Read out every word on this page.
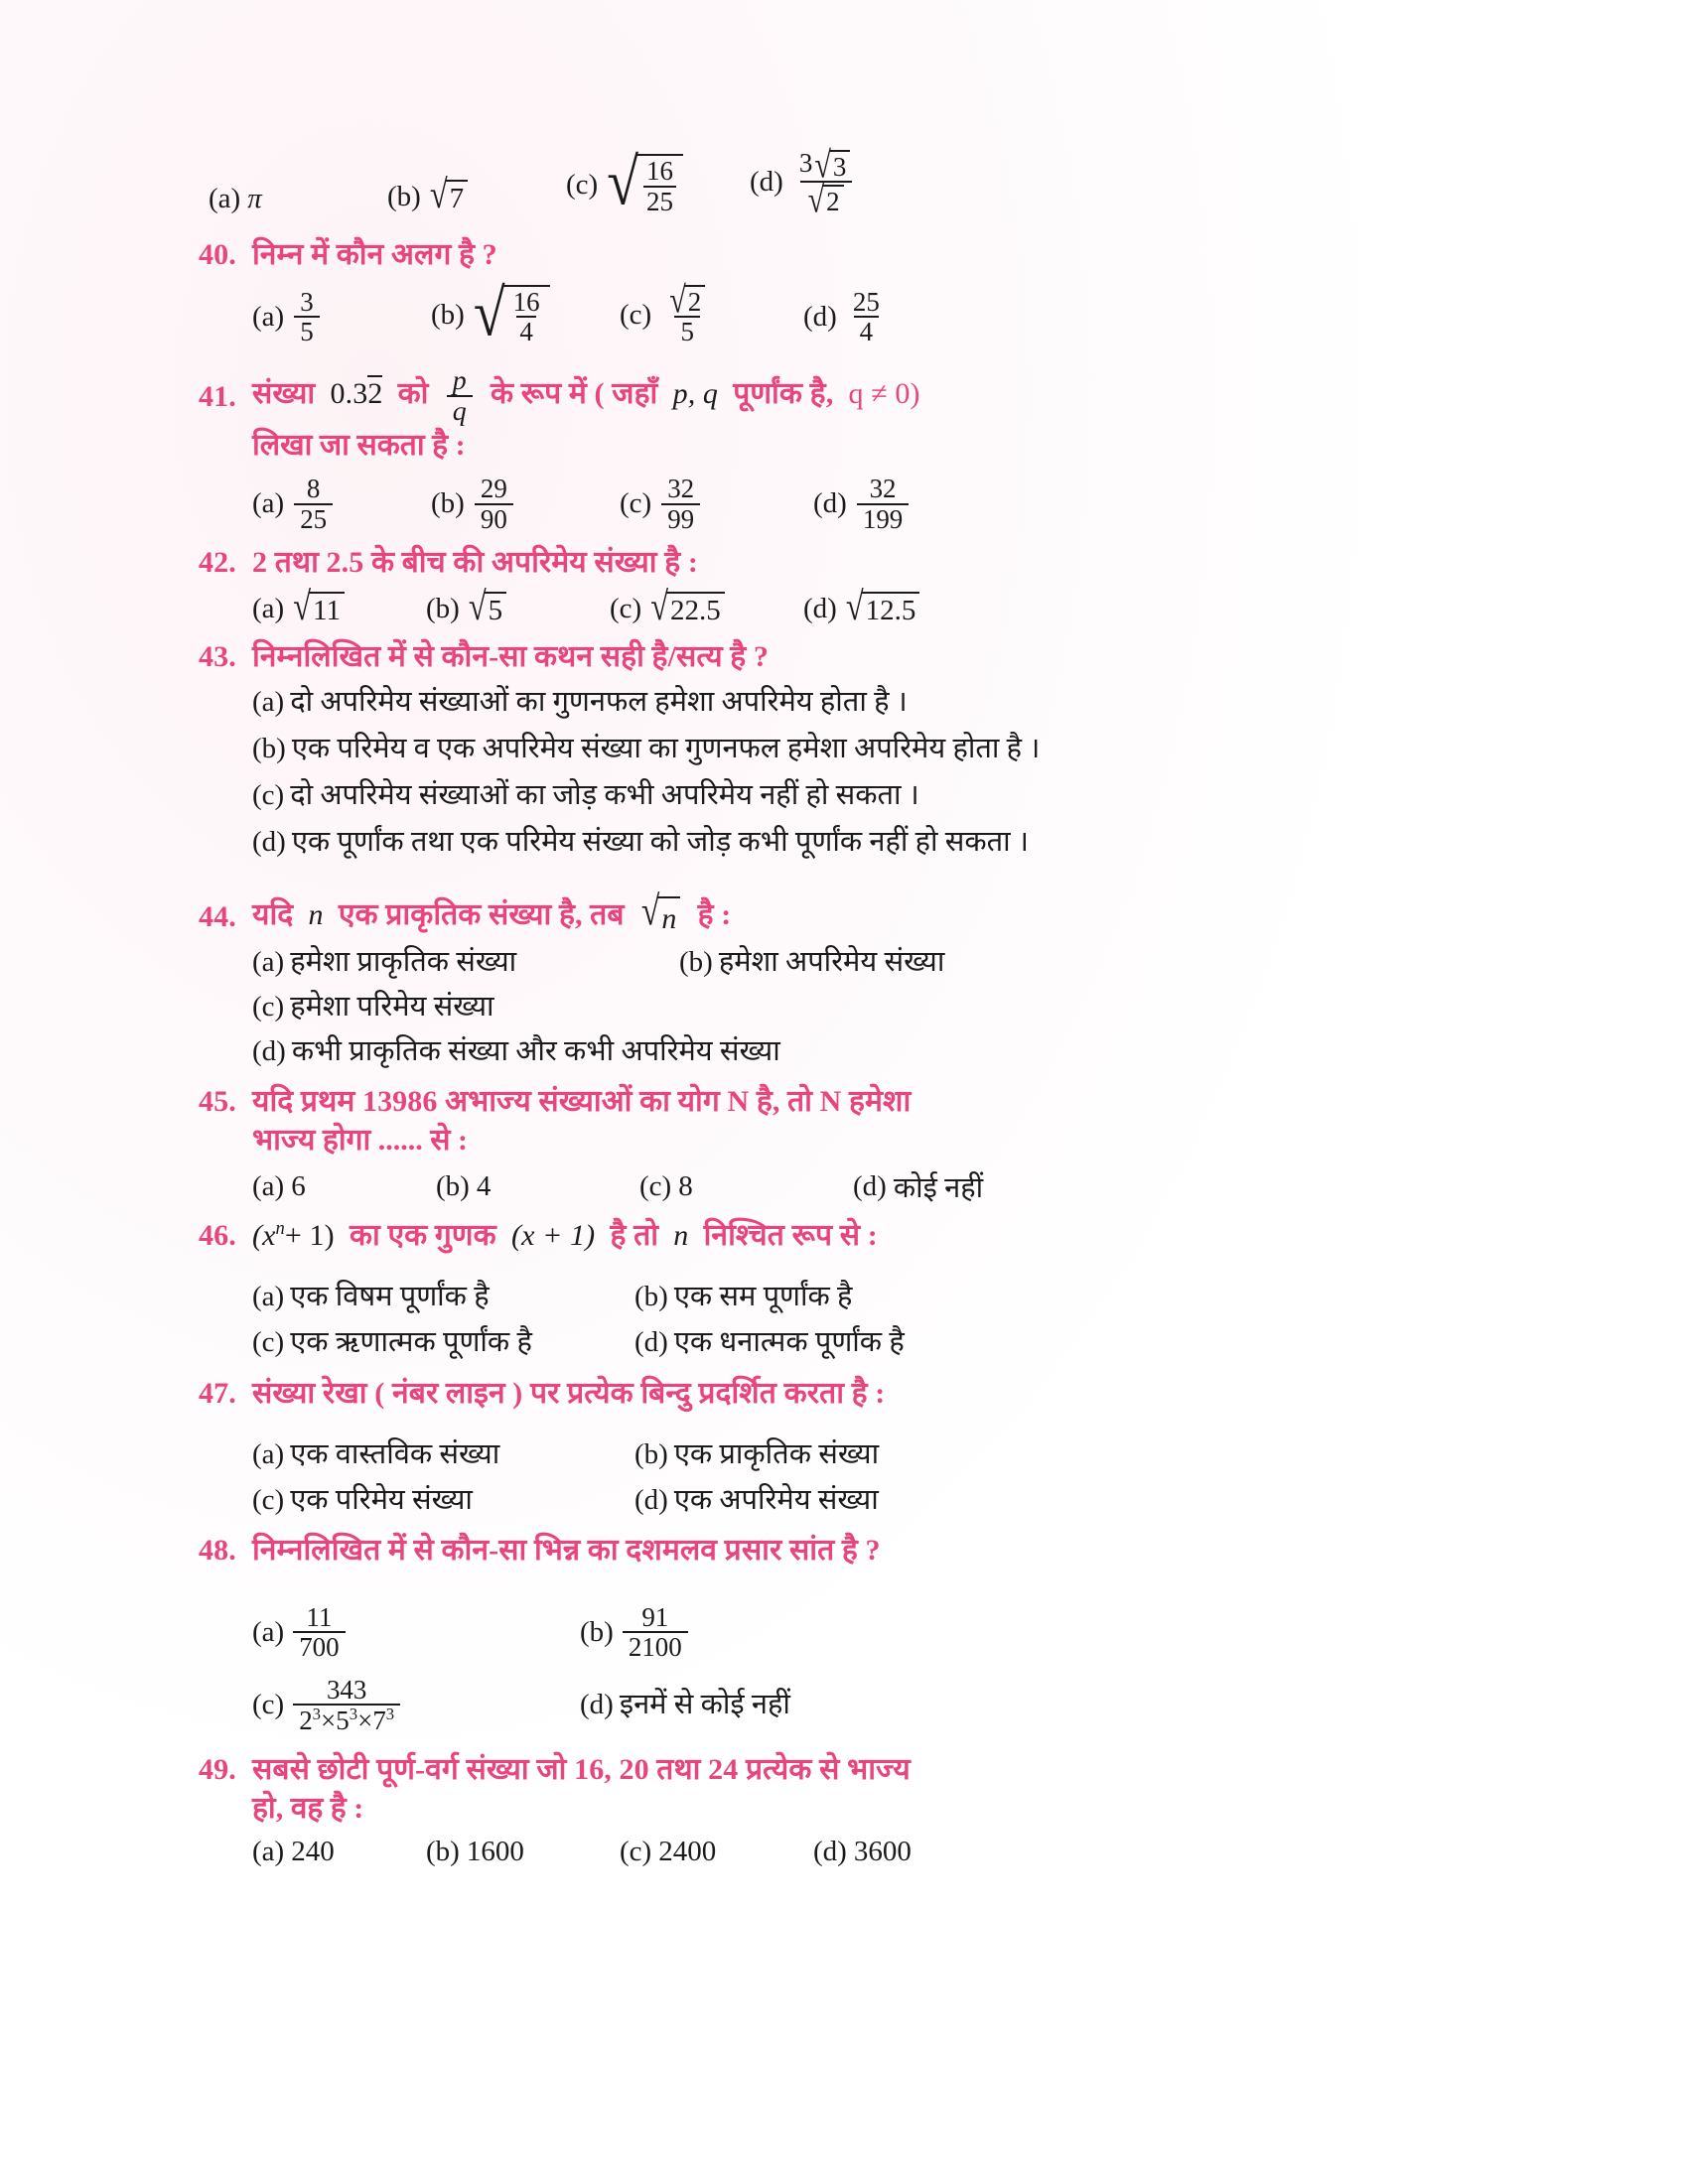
(a) π	(b) √ 7	(c) √ $\frac{16}{25}$	$(d) \frac{3 √ 3}{√ 2}$
40. निम्न में कौन अलग है ?
$(a) \frac{3}{5}$	(b) √ $\frac{16}{4}$	$(c) \frac{√ 2}{5}$	$(d) \frac{25}{4}$
41. संख्या 0.32 को $\frac{p}{q}$ के रूप में ( जहाँ p, q पूर्णांक है, q ≠ 0)
लिखा जा सकता है :
$(a) \frac{8}{25}$	$(b) \frac{29}{90}$	$(c) \frac{32}{99}$	$(d) \frac{32}{199}$
42. 2 तथा 2.5 के बीच की अपरिमेय संख्या है :
(a) √ 11	(b) √ 5	(c) √ 22.5	(d) √ 12.5
43. निम्नलिखित में से कौन-सा कथन सही है/सत्य है ?
(a) दो अपरिमेय संख्याओं का गुणनफल हमेशा अपरिमेय होता है ।
(b) एक परिमेय व एक अपरिमेय संख्या का गुणनफल हमेशा अपरिमेय होता है ।
(c) दो अपरिमेय संख्याओं का जोड़ कभी अपरिमेय नहीं हो सकता ।
(d) एक पूर्णांक तथा एक परिमेय संख्या को जोड़ कभी पूर्णांक नहीं हो सकता ।
44. यदि n एक प्राकृतिक संख्या है, तब √ n है :
(a) हमेशा प्राकृतिक संख्या	(b) हमेशा अपरिमेय संख्या
(c) हमेशा परिमेय संख्या
(d) कभी प्राकृतिक संख्या और कभी अपरिमेय संख्या
45. यदि प्रथम 13986 अभाज्य संख्याओं का योग N है, तो N हमेशा
भाज्य होगा ...... से :
(a) 6	(b) 4	(c) 8	(d) कोई नहीं
46. $(x^n+ 1)$ का एक गुणक (x + 1) है तो n निश्चित रूप से :
(a) एक विषम पूर्णांक है	(b) एक सम पूर्णांक है
(c) एक ऋणात्मक पूर्णांक है	(d) एक धनात्मक पूर्णांक है
47. संख्या रेखा ( नंबर लाइन ) पर प्रत्येक बिन्दु प्रदर्शित करता है :
(a) एक वास्तविक संख्या	(b) एक प्राकृतिक संख्या
(c) एक परिमेय संख्या	(d) एक अपरिमेय संख्या
48. निम्नलिखित में से कौन-सा भिन्न का दशमलव प्रसार सांत है ?
$(a) \frac{11}{700}$	$(b) \frac{91}{2100}$
$(c) \frac{343}{2^3\times 5^3\times 7^3}$	(d) इनमें से कोई नहीं
49. सबसे छोटी पूर्ण-वर्ग संख्या जो 16, 20 तथा 24 प्रत्येक से भाज्य
हो, वह है :
(a) 240	(b) 1600	(c) 2400	(d) 3600
